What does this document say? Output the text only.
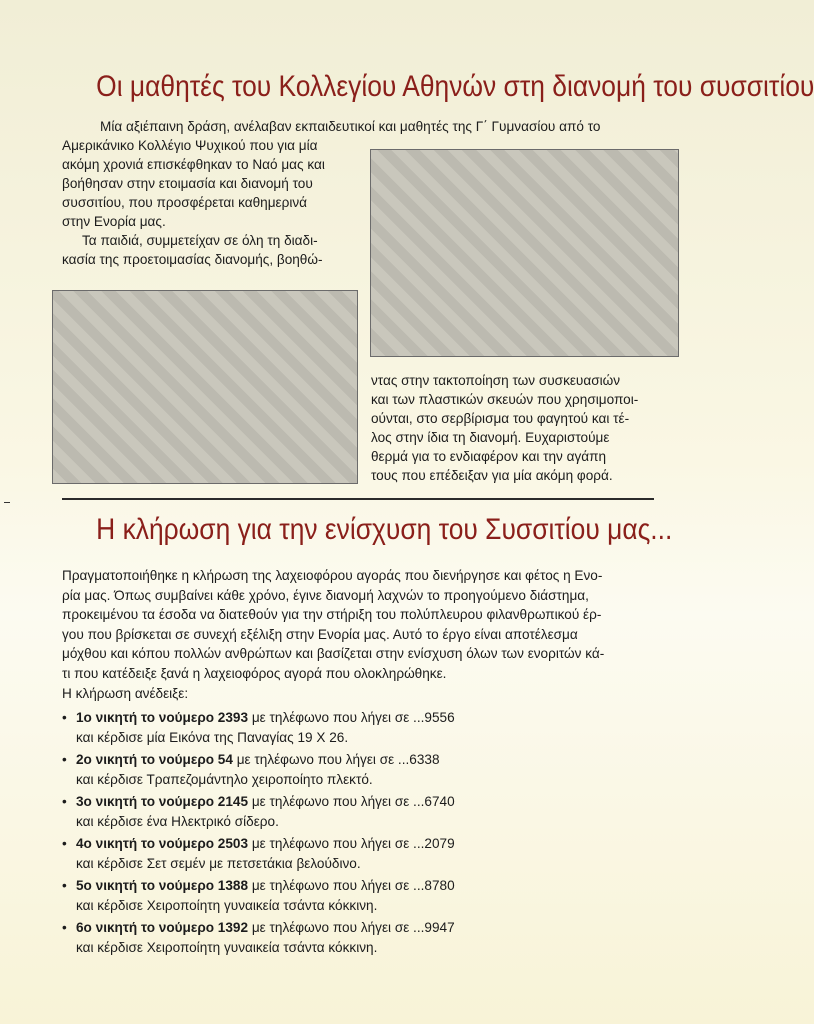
Οι μαθητές του Κολλεγίου Αθηνών στη διανομή του συσσιτίου
Μία αξιέπαινη δράση, ανέλαβαν εκπαιδευτικοί και μαθητές της Γ΄ Γυμνασίου από το
Αμερικάνικο Κολλέγιο Ψυχικού που για μία
ακόμη χρονιά επισκέφθηκαν το Ναό μας και
βοήθησαν στην ετοιμασία και διανομή του
συσσιτίου, που προσφέρεται καθημερινά
στην Ενορία μας.
Τα παιδιά, συμμετείχαν σε όλη τη διαδι-
κασία της προετοιμασίας διανομής, βοηθώ-
ντας στην τακτοποίηση των συσκευασιών
και των πλαστικών σκευών που χρησιμοποι-
ούνται, στο σερβίρισμα του φαγητού και τέ-
λος στην ίδια τη διανομή. Ευχαριστούμε
θερμά για το ενδιαφέρον και την αγάπη
τους που επέδειξαν για μία ακόμη φορά.
Η κλήρωση για την ενίσχυση του Συσσιτίου μας...
Πραγματοποιήθηκε η κλήρωση της λαχειοφόρου αγοράς που διενήργησε και φέτος η Ενο-
ρία μας. Όπως συμβαίνει κάθε χρόνο, έγινε διανομή λαχνών το προηγούμενο διάστημα,
προκειμένου τα έσοδα να διατεθούν για την στήριξη του πολύπλευρου φιλανθρωπικού έρ-
γου που βρίσκεται σε συνεχή εξέλιξη στην Ενορία μας. Αυτό το έργο είναι αποτέλεσμα
μόχθου και κόπου πολλών ανθρώπων και βασίζεται στην ενίσχυση όλων των ενοριτών κά-
τι που κατέδειξε ξανά η λαχειοφόρος αγορά που ολοκληρώθηκε.
Η κλήρωση ανέδειξε:
• 1ο νικητή το νούμερο 2393 με τηλέφωνο που λήγει σε ...9556
και κέρδισε μία Εικόνα της Παναγίας 19 Χ 26.
• 2ο νικητή το νούμερο 54 με τηλέφωνο που λήγει σε ...6338
και κέρδισε Τραπεζομάντηλο χειροποίητο πλεκτό.
• 3ο νικητή το νούμερο 2145 με τηλέφωνο που λήγει σε ...6740
και κέρδισε ένα Ηλεκτρικό σίδερο.
• 4ο νικητή το νούμερο 2503 με τηλέφωνο που λήγει σε ...2079
και κέρδισε Σετ σεμέν με πετσετάκια βελούδινο.
• 5ο νικητή το νούμερο 1388 με τηλέφωνο που λήγει σε ...8780
και κέρδισε Χειροποίητη γυναικεία τσάντα κόκκινη.
• 6ο νικητή το νούμερο 1392 με τηλέφωνο που λήγει σε ...9947
και κέρδισε Χειροποίητη γυναικεία τσάντα κόκκινη.
